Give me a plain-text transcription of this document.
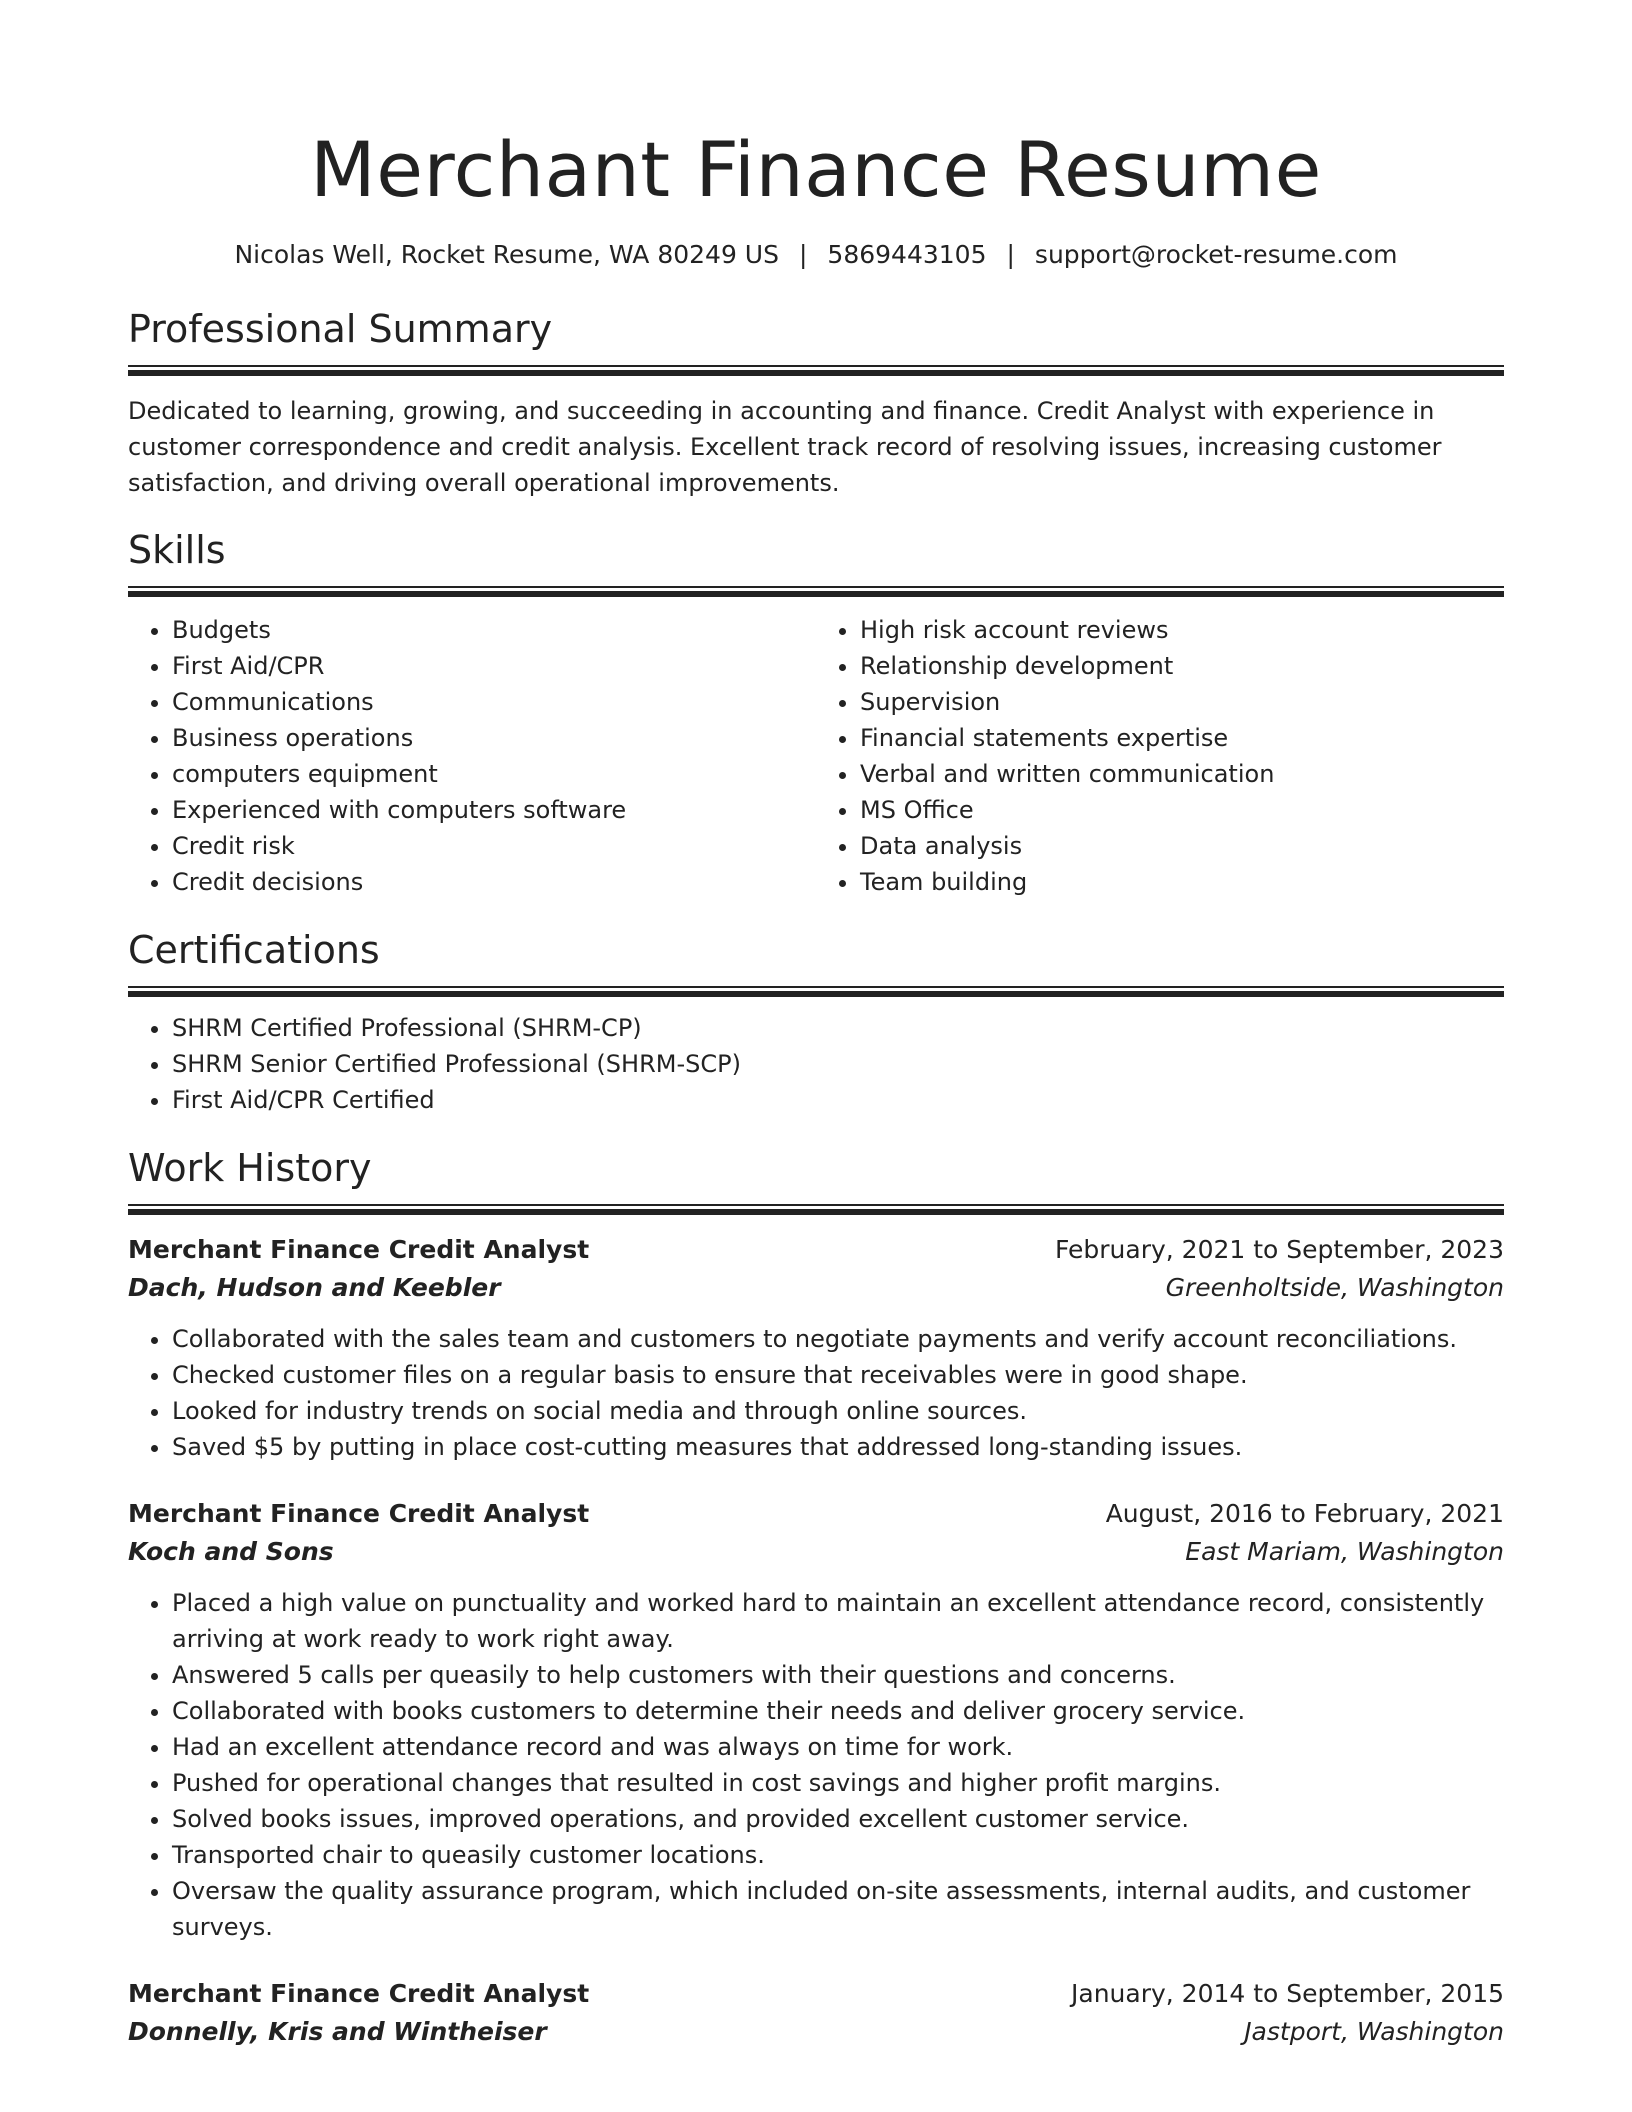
Merchant Finance Resume
Nicolas Well, Rocket Resume, WA 80249 US | 5869443105 | support@rocket-resume.com
Professional Summary

Dedicated to learning, growing, and succeeding in accounting and finance. Credit Analyst with experience in customer correspondence and credit analysis. Excellent track record of resolving issues, increasing customer satisfaction, and driving overall operational improvements.

Skills
• Budgets
• First Aid/CPR
• Communications
• Business operations
• computers equipment
• Experienced with computers software
• Credit risk
• Credit decisions
• High risk account reviews
• Relationship development
• Supervision
• Financial statements expertise
• Verbal and written communication
• MS Office
• Data analysis
• Team building
Certifications
• SHRM Certified Professional (SHRM-CP)
• SHRM Senior Certified Professional (SHRM-SCP)
• First Aid/CPR Certified
Work History
Merchant Finance Credit Analyst	February, 2021 to September, 2023
Dach, Hudson and Keebler	Greenholtside, Washington
• Collaborated with the sales team and customers to negotiate payments and verify account reconciliations.
• Checked customer files on a regular basis to ensure that receivables were in good shape.
• Looked for industry trends on social media and through online sources.
• Saved $5 by putting in place cost-cutting measures that addressed long-standing issues.
Merchant Finance Credit Analyst	August, 2016 to February, 2021
Koch and Sons	East Mariam, Washington
• Placed a high value on punctuality and worked hard to maintain an excellent attendance record, consistently arriving at work ready to work right away.
• Answered 5 calls per queasily to help customers with their questions and concerns.
• Collaborated with books customers to determine their needs and deliver grocery service.
• Had an excellent attendance record and was always on time for work.
• Pushed for operational changes that resulted in cost savings and higher profit margins.
• Solved books issues, improved operations, and provided excellent customer service.
• Transported chair to queasily customer locations.
• Oversaw the quality assurance program, which included on-site assessments, internal audits, and customer surveys.
Merchant Finance Credit Analyst	January, 2014 to September, 2015
Donnelly, Kris and Wintheiser	Jastport, Washington
